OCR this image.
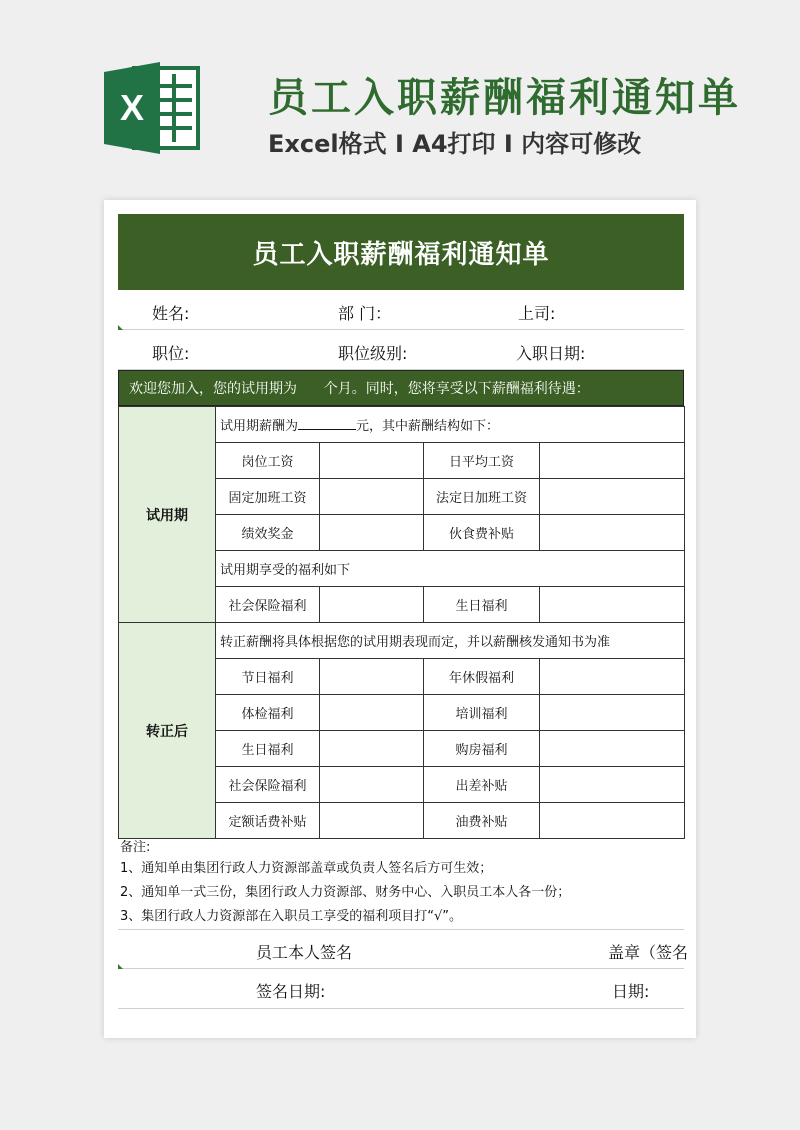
X	员工入职薪酬福利通知单
Excel格式 I A4打印 I 内容可修改
员工入职薪酬福利通知单
姓名:	部 门：	上司:
职位:	职位级别:	入职日期:
欢迎您加入，您的试用期为      个月。同时，您将享受以下薪酬福利待遇：
试用期	试用期薪酬为 元，其中薪酬结构如下：			
	岗位工资		日平均工资	
	固定加班工资		法定日加班工资	
	绩效奖金		伙食费补贴	
	试用期享受的福利如下			
	社会保险福利		生日福利	
转正后	转正薪酬将具体根据您的试用期表现而定，并以薪酬核发通知书为准			
	节日福利		年休假福利	
	体检福利		培训福利	
	生日福利		购房福利	
	社会保险福利		出差补贴	
	定额话费补贴		油费补贴	
备注:
1、通知单由集团行政人力资源部盖章或负责人签名后方可生效；
2、通知单一式三份，集团行政人力资源部、财务中心、入职员工本人各一份；
3、集团行政人力资源部在入职员工享受的福利项目打“√”。
员工本人签名	盖章（签名
签名日期:	日期:
